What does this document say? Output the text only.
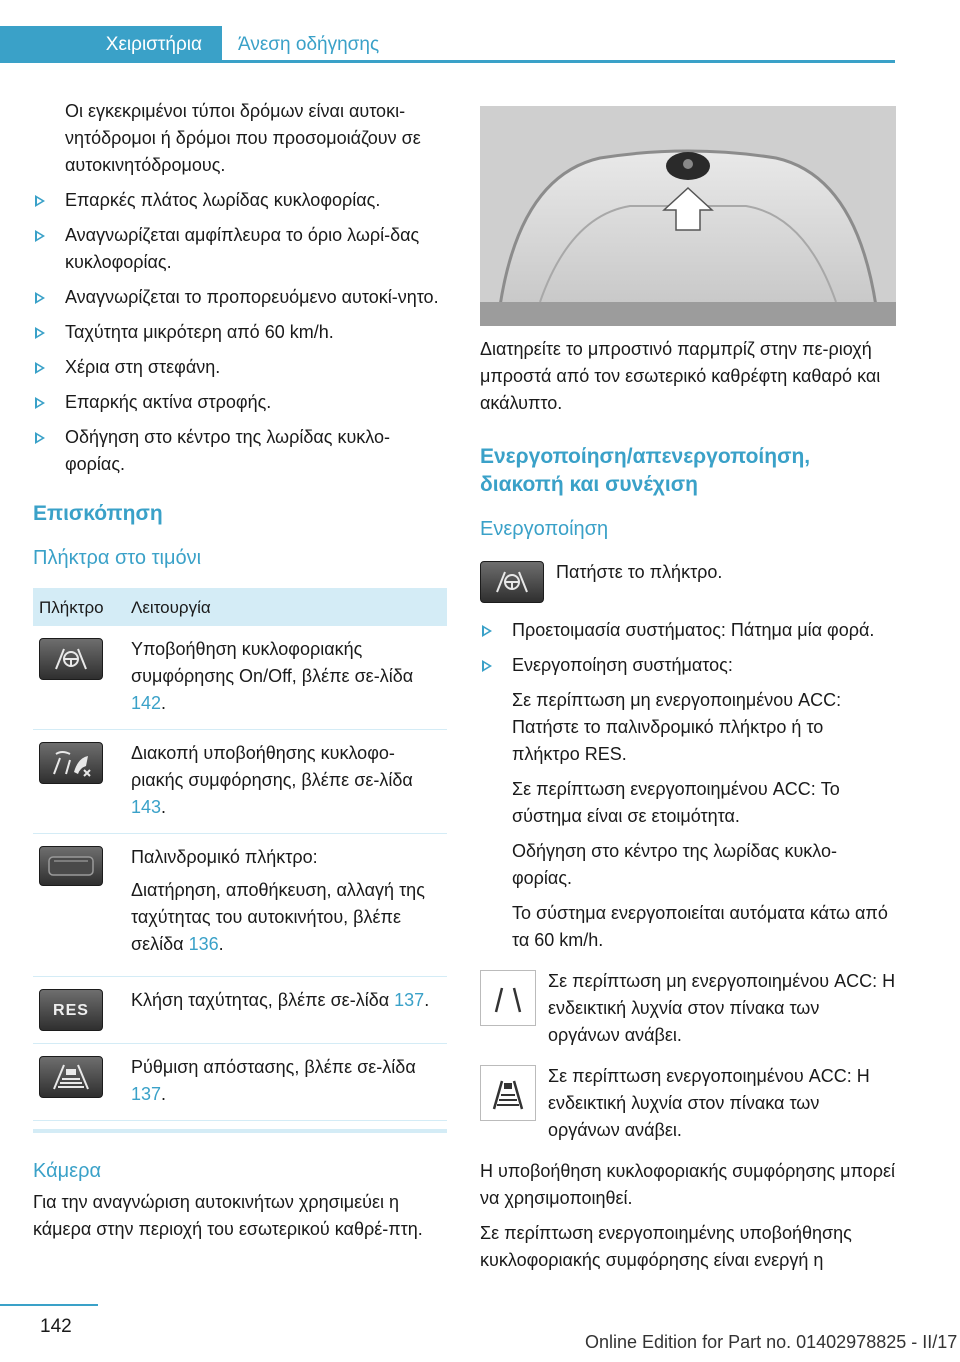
Χειριστήρια	Άνεση οδήγησης

Οι εγκεκριμένοι τύποι δρόμων είναι αυτοκι-νητόδρομοι ή δρόμοι που προσομοιάζουν σε αυτοκινητόδρομους.

Επαρκές πλάτος λωρίδας κυκλοφορίας.
Αναγνωρίζεται αμφίπλευρα το όριο λωρί-δας κυκλοφορίας.
Αναγνωρίζεται το προπορευόμενο αυτοκί-νητο.
Ταχύτητα μικρότερη από 60 km/h.
Χέρια στη στεφάνη.
Επαρκής ακτίνα στροφής.
Οδήγηση στο κέντρο της λωρίδας κυκλο-φορίας.
Επισκόπηση
Πλήκτρα στο τιμόνι
Πλήκτρο	Λειτουργία

	Υποβοήθηση κυκλοφοριακής συμφόρησης On/Off, βλέπε σε-λίδα 142.

	Διακοπή υποβοήθησης κυκλοφο-ριακής συμφόρησης, βλέπε σε-λίδα 143.

Παλινδρομικό πλήκτρο:

Διατήρηση, αποθήκευση, αλλαγή της ταχύτητας του αυτοκινήτου, βλέπε σελίδα 136.

RES	Κλήση ταχύτητας, βλέπε σε-λίδα 137.

	Ρύθμιση απόστασης, βλέπε σε-λίδα 137.
Κάμερα

Για την αναγνώριση αυτοκινήτων χρησιμεύει η κάμερα στην περιοχή του εσωτερικού καθρέ-πτη.

Διατηρείτε το μπροστινό παρμπρίζ στην πε-ριοχή μπροστά από τον εσωτερικό καθρέφτη καθαρό και ακάλυπτο.

Ενεργοποίηση/απενεργοποίηση, διακοπή και συνέχιση
Ενεργοποίηση
Πατήστε το πλήκτρο.
Προετοιμασία συστήματος: Πάτημα μία φορά.
Ενεργοποίηση συστήματος:

Σε περίπτωση μη ενεργοποιημένου ACC: Πατήστε το παλινδρομικό πλήκτρο ή το πλήκτρο RES.

Σε περίπτωση ενεργοποιημένου ACC: Το σύστημα είναι σε ετοιμότητα.

Οδήγηση στο κέντρο της λωρίδας κυκλο-φορίας.

Το σύστημα ενεργοποιείται αυτόματα κάτω από τα 60 km/h.

Σε περίπτωση μη ενεργοποιημένου ACC: Η ενδεικτική λυχνία στον πίνακα των οργάνων ανάβει.
Σε περίπτωση ενεργοποιημένου ACC: Η ενδεικτική λυχνία στον πίνακα των οργάνων ανάβει.

Η υποβοήθηση κυκλοφοριακής συμφόρησης μπορεί να χρησιμοποιηθεί.

Σε περίπτωση ενεργοποιημένης υποβοήθησης κυκλοφοριακής συμφόρησης είναι ενεργή η

142
Online Edition for Part no. 01402978825 - II/17
